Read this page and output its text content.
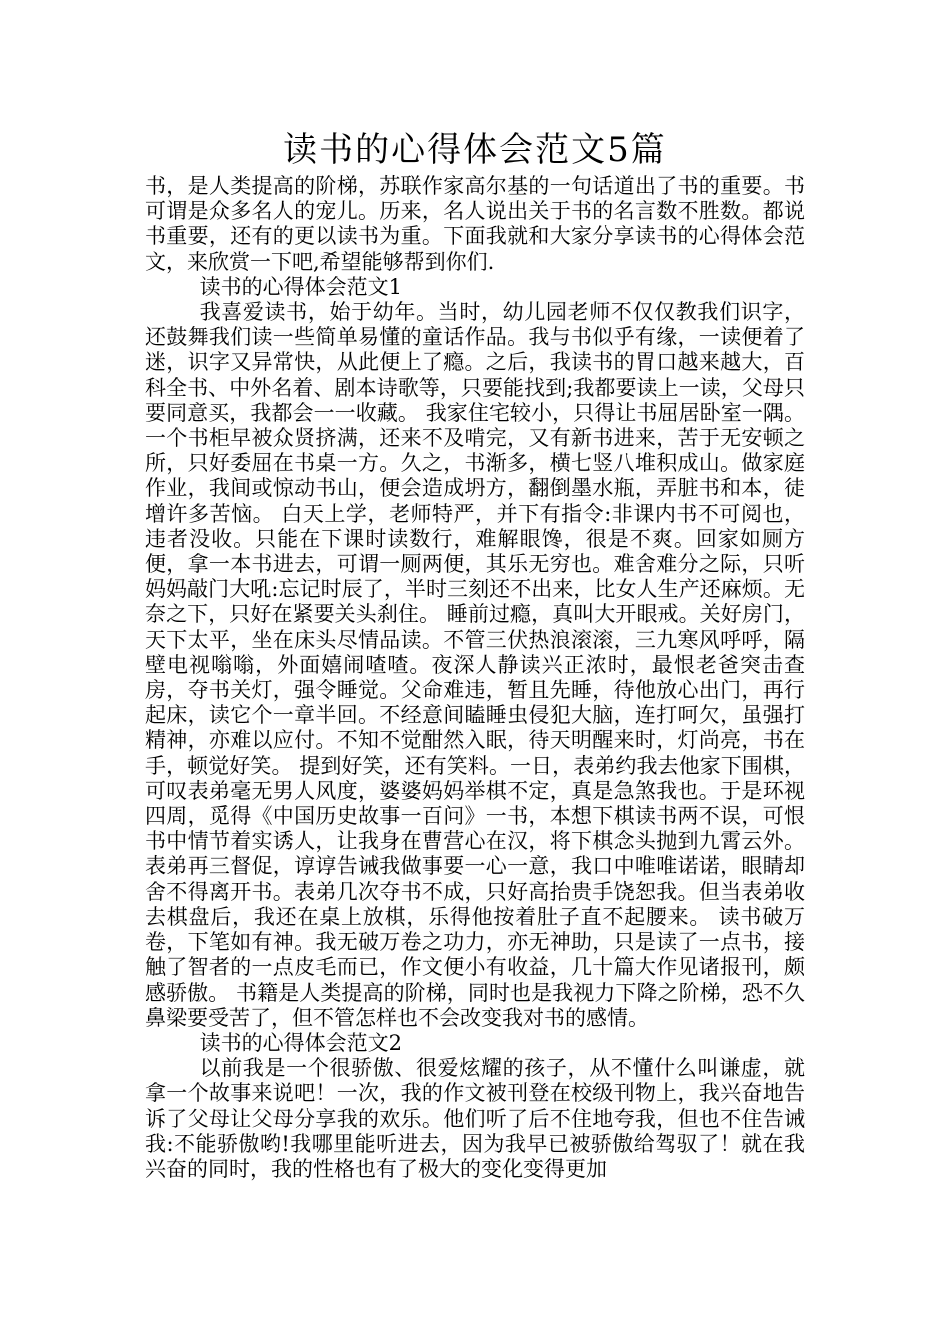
读书的心得体会范文5篇

书，是人类提高的阶梯，苏联作家高尔基的一句话道出了书的重要。书可谓是众多名人的宠儿。历来，名人说出关于书的名言数不胜数。都说书重要，还有的更以读书为重。下面我就和大家分享读书的心得体会范文，来欣赏一下吧,希望能够帮到你们.

读书的心得体会范文1

我喜爱读书，始于幼年。当时，幼儿园老师不仅仅教我们识字，还鼓舞我们读一些简单易懂的童话作品。我与书似乎有缘，一读便着了迷，识字又异常快，从此便上了瘾。之后，我读书的胃口越来越大，百科全书、中外名着、剧本诗歌等，只要能找到;我都要读上一读，父母只要同意买，我都会一一收藏。 我家住宅较小，只得让书屈居卧室一隅。一个书柜早被众贤挤满，还来不及啃完，又有新书进来，苦于无安顿之所，只好委屈在书桌一方。久之，书渐多，横七竖八堆积成山。做家庭作业，我间或惊动书山，便会造成坍方，翻倒墨水瓶，弄脏书和本，徒增许多苦恼。 白天上学，老师特严，并下有指令:非课内书不可阅也，违者没收。只能在下课时读数行，难解眼馋，很是不爽。回家如厕方便，拿一本书进去，可谓一厕两便，其乐无穷也。难舍难分之际，只听妈妈敲门大吼:忘记时辰了，半时三刻还不出来，比女人生产还麻烦。无奈之下，只好在紧要关头刹住。 睡前过瘾，真叫大开眼戒。关好房门，天下太平，坐在床头尽情品读。不管三伏热浪滚滚，三九寒风呼呼，隔壁电视嗡嗡，外面嬉闹喳喳。夜深人静读兴正浓时，最恨老爸突击查房，夺书关灯，强令睡觉。父命难违，暂且先睡，待他放心出门，再行起床，读它个一章半回。不经意间瞌睡虫侵犯大脑，连打呵欠，虽强打精神，亦难以应付。不知不觉酣然入眠，待天明醒来时，灯尚亮，书在手，顿觉好笑。 提到好笑，还有笑料。一日，表弟约我去他家下围棋，可叹表弟毫无男人风度，婆婆妈妈举棋不定，真是急煞我也。于是环视四周，觅得《中国历史故事一百问》一书，本想下棋读书两不误，可恨书中情节着实诱人，让我身在曹营心在汉，将下棋念头抛到九霄云外。表弟再三督促，谆谆告诫我做事要一心一意，我口中唯唯诺诺，眼睛却舍不得离开书。表弟几次夺书不成，只好高抬贵手饶恕我。但当表弟收去棋盘后，我还在桌上放棋，乐得他按着肚子直不起腰来。 读书破万卷，下笔如有神。我无破万卷之功力，亦无神助，只是读了一点书，接触了智者的一点皮毛而已，作文便小有收益，几十篇大作见诸报刊，颇感骄傲。 书籍是人类提高的阶梯，同时也是我视力下降之阶梯，恐不久鼻梁要受苦了，但不管怎样也不会改变我对书的感情。

读书的心得体会范文2

以前我是一个很骄傲、很爱炫耀的孩子，从不懂什么叫谦虚，就拿一个故事来说吧！一次，我的作文被刊登在校级刊物上，我兴奋地告诉了父母让父母分享我的欢乐。他们听了后不住地夸我，但也不住告诫我:不能骄傲哟!我哪里能听进去，因为我早已被骄傲给驾驭了！就在我兴奋的同时，我的性格也有了极大的变化变得更加
